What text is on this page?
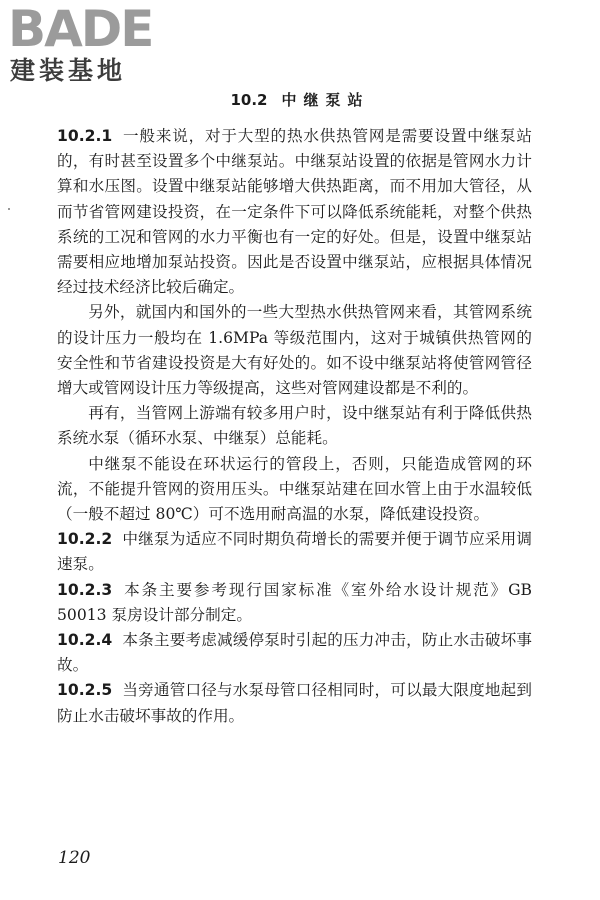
BADE
建装基地
10.2 中继泵站

10.2.1 一般来说，对于大型的热水供热管网是需要设置中继泵站的，有时甚至设置多个中继泵站。中继泵站设置的依据是管网水力计算和水压图。设置中继泵站能够增大供热距离，而不用加大管径，从而节省管网建设投资，在一定条件下可以降低系统能耗，对整个供热系统的工况和管网的水力平衡也有一定的好处。但是，设置中继泵站需要相应地增加泵站投资。因此是否设置中继泵站，应根据具体情况经过技术经济比较后确定。

另外，就国内和国外的一些大型热水供热管网来看，其管网系统的设计压力一般均在 1.6MPa 等级范围内，这对于城镇供热管网的安全性和节省建设投资是大有好处的。如不设中继泵站将使管网管径增大或管网设计压力等级提高，这些对管网建设都是不利的。

再有，当管网上游端有较多用户时，设中继泵站有利于降低供热系统水泵（循环水泵、中继泵）总能耗。

中继泵不能设在环状运行的管段上，否则，只能造成管网的环流，不能提升管网的资用压头。中继泵站建在回水管上由于水温较低（一般不超过 80℃）可不选用耐高温的水泵，降低建设投资。

10.2.2 中继泵为适应不同时期负荷增长的需要并便于调节应采用调速泵。

10.2.3 本条主要参考现行国家标准《室外给水设计规范》GB 50013 泵房设计部分制定。

10.2.4 本条主要考虑减缓停泵时引起的压力冲击，防止水击破坏事故。

10.2.5 当旁通管口径与水泵母管口径相同时，可以最大限度地起到防止水击破坏事故的作用。

120
